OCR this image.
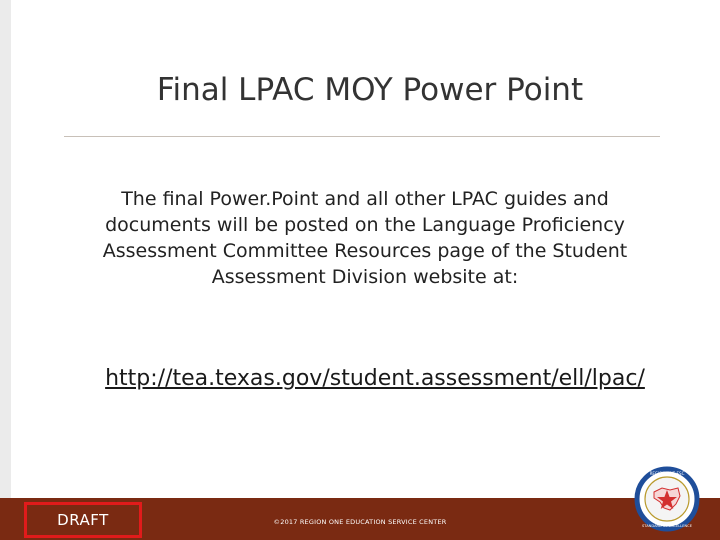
Final LPAC MOY Power Point
The final Power.Point and all other LPAC guides and documents will be posted on the Language Proficiency Assessment Committee Resources page of the Student Assessment Division website at:
http://tea.texas.gov/student.assessment/ell/lpac/
DRAFT	©2017 REGION ONE EDUCATION SERVICE CENTER
REGION ONE ESC
STANDARD OF EXCELLENCE
